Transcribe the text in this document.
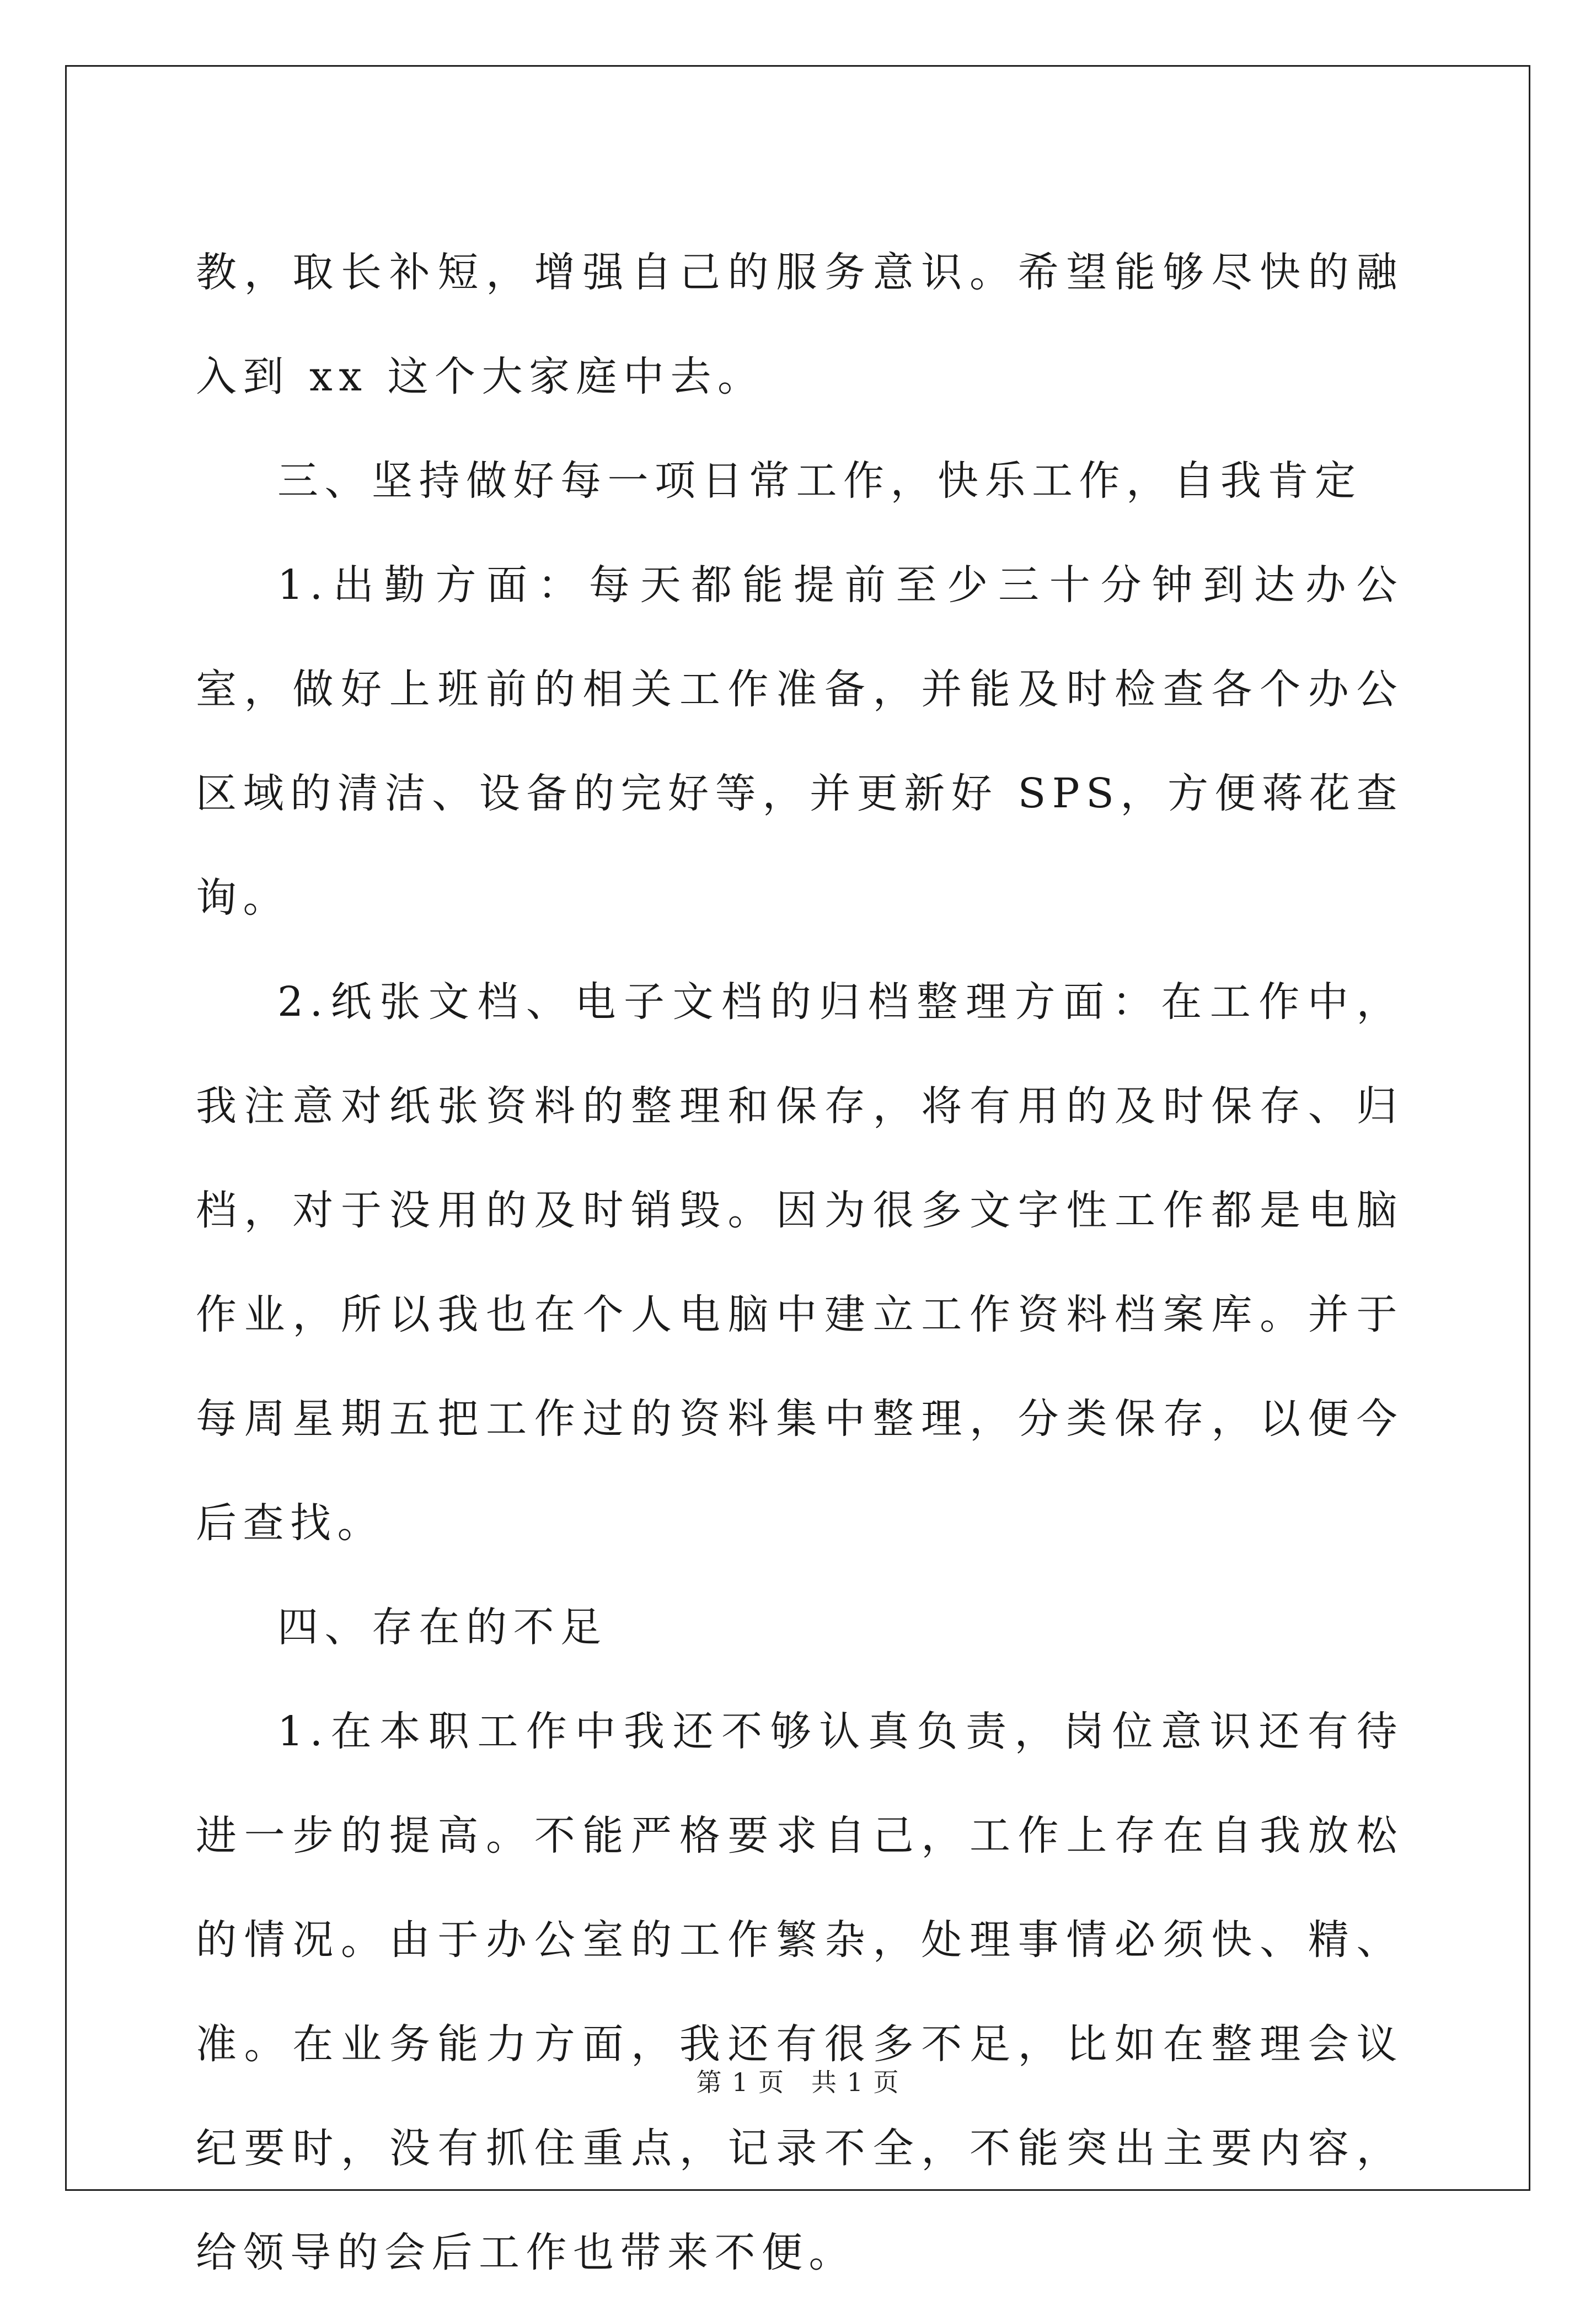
教，取长补短，增强自己的服务意识。希望能够尽快的融入到 xx 这个大家庭中去。

三、坚持做好每一项日常工作，快乐工作，自我肯定

1.出勤方面：每天都能提前至少三十分钟到达办公室，做好上班前的相关工作准备，并能及时检查各个办公区域的清洁、设备的完好等，并更新好 SPS，方便蒋花查询。

2.纸张文档、电子文档的归档整理方面：在工作中，我注意对纸张资料的整理和保存，将有用的及时保存、归档，对于没用的及时销毁。因为很多文字性工作都是电脑作业，所以我也在个人电脑中建立工作资料档案库。并于每周星期五把工作过的资料集中整理，分类保存，以便今后查找。

四、存在的不足

1.在本职工作中我还不够认真负责，岗位意识还有待进一步的提高。不能严格要求自己，工作上存在自我放松的情况。由于办公室的工作繁杂，处理事情必须快、精、准。在业务能力方面，我还有很多不足，比如在整理会议纪要时，没有抓住重点，记录不全，不能突出主要内容，给领导的会后工作也带来不便。

第 1 页 共 1 页
